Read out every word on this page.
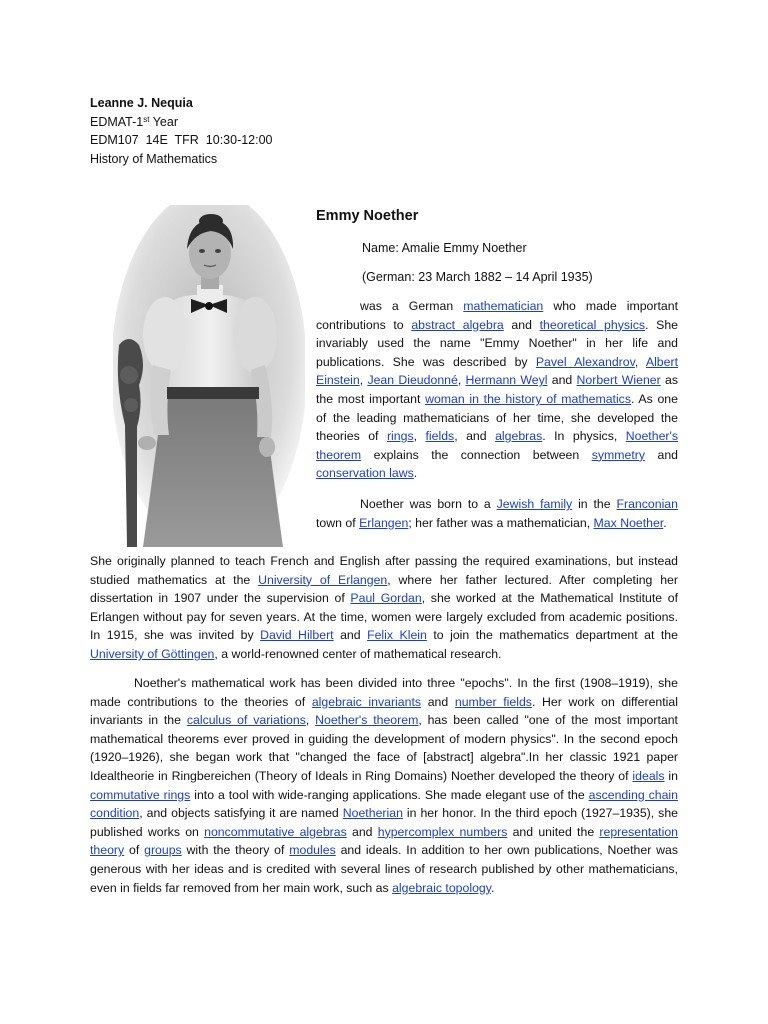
Leanne J. Nequia
EDMAT-1st Year
EDM107  14E  TFR  10:30-12:00
History of Mathematics
Emmy Noether
Name: Amalie Emmy Noether
(German: 23 March 1882 – 14 April 1935)
was a German mathematician who made important contributions to abstract algebra and theoretical physics. She invariably used the name "Emmy Noether" in her life and publications. She was described by Pavel Alexandrov, Albert Einstein, Jean Dieudonné, Hermann Weyl and Norbert Wiener as the most important woman in the history of mathematics. As one of the leading mathematicians of her time, she developed the theories of rings, fields, and algebras. In physics, Noether's theorem explains the connection between symmetry and conservation laws.
Noether was born to a Jewish family in the Franconian town of Erlangen; her father was a mathematician, Max Noether.
She originally planned to teach French and English after passing the required examinations, but instead studied mathematics at the University of Erlangen, where her father lectured. After completing her dissertation in 1907 under the supervision of Paul Gordan, she worked at the Mathematical Institute of Erlangen without pay for seven years. At the time, women were largely excluded from academic positions. In 1915, she was invited by David Hilbert and Felix Klein to join the mathematics department at the University of Göttingen, a world-renowned center of mathematical research.
Noether's mathematical work has been divided into three "epochs". In the first (1908–1919), she made contributions to the theories of algebraic invariants and number fields. Her work on differential invariants in the calculus of variations, Noether's theorem, has been called "one of the most important mathematical theorems ever proved in guiding the development of modern physics". In the second epoch (1920–1926), she began work that "changed the face of [abstract] algebra".In her classic 1921 paper Idealtheorie in Ringbereichen (Theory of Ideals in Ring Domains) Noether developed the theory of ideals in commutative rings into a tool with wide-ranging applications. She made elegant use of the ascending chain condition, and objects satisfying it are named Noetherian in her honor. In the third epoch (1927–1935), she published works on noncommutative algebras and hypercomplex numbers and united the representation theory of groups with the theory of modules and ideals. In addition to her own publications, Noether was generous with her ideas and is credited with several lines of research published by other mathematicians, even in fields far removed from her main work, such as algebraic topology.
